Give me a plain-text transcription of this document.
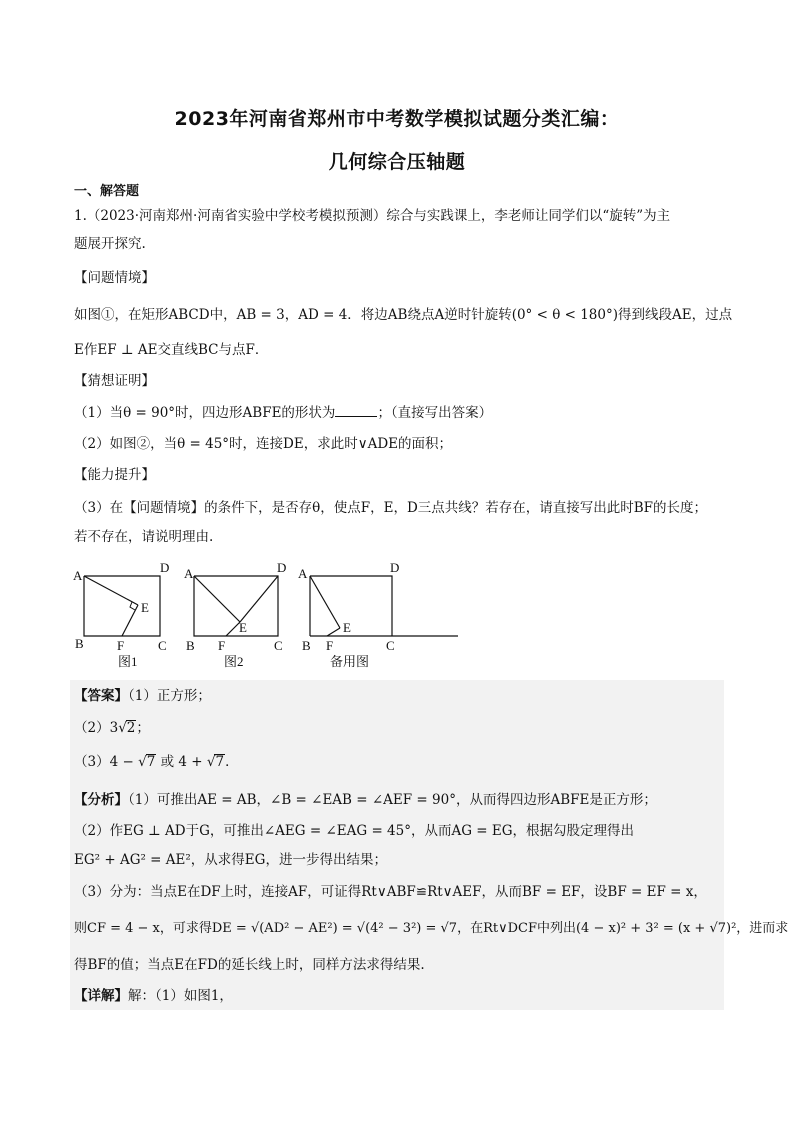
2023年河南省郑州市中考数学模拟试题分类汇编：
几何综合压轴题
一、解答题
1.（2023·河南郑州·河南省实验中学校考模拟预测）综合与实践课上，李老师让同学们以“旋转”为主
题展开探究.
【问题情境】
如图①，在矩形ABCD中，AB = 3，AD = 4．将边AB绕点A逆时针旋转(0° < θ < 180°)得到线段AE，过点
E作EF ⊥ AE交直线BC与点F．
【猜想证明】
（1）当θ = 90°时，四边形ABFE的形状为	；（直接写出答案）
（2）如图②，当θ = 45°时，连接DE，求此时∨ADE的面积；
【能力提升】
（3）在【问题情境】的条件下，是否存θ，使点F，E，D三点共线？若存在，请直接写出此时BF的长度；
若不存在，请说明理由.
A
D
E
B	F	C
图1
A	D
E
B F	C
图2
A	D
E
B F	C
备用图
【答案】（1）正方形；
（2）3√2；
（3）4 − √7 或 4 + √7．
【分析】（1）可推出AE = AB，∠B = ∠EAB = ∠AEF = 90°，从而得四边形ABFE是正方形；
（2）作EG ⊥ AD于G，可推出∠AEG = ∠EAG = 45°，从而AG = EG，根据勾股定理得出
EG² + AG² = AE²，从求得EG，进一步得出结果；
（3）分为：当点E在DF上时，连接AF，可证得Rt∨ABF≌Rt∨AEF，从而BF = EF，设BF = EF = x，
则CF = 4 − x，可求得DE = √(AD² − AE²) = √(4² − 3²) = √7，在Rt∨DCF中列出(4 − x)² + 3² = (x + √7)²，进而求
得BF的值；当点E在FD的延长线上时，同样方法求得结果.
【详解】解：（1）如图1，
